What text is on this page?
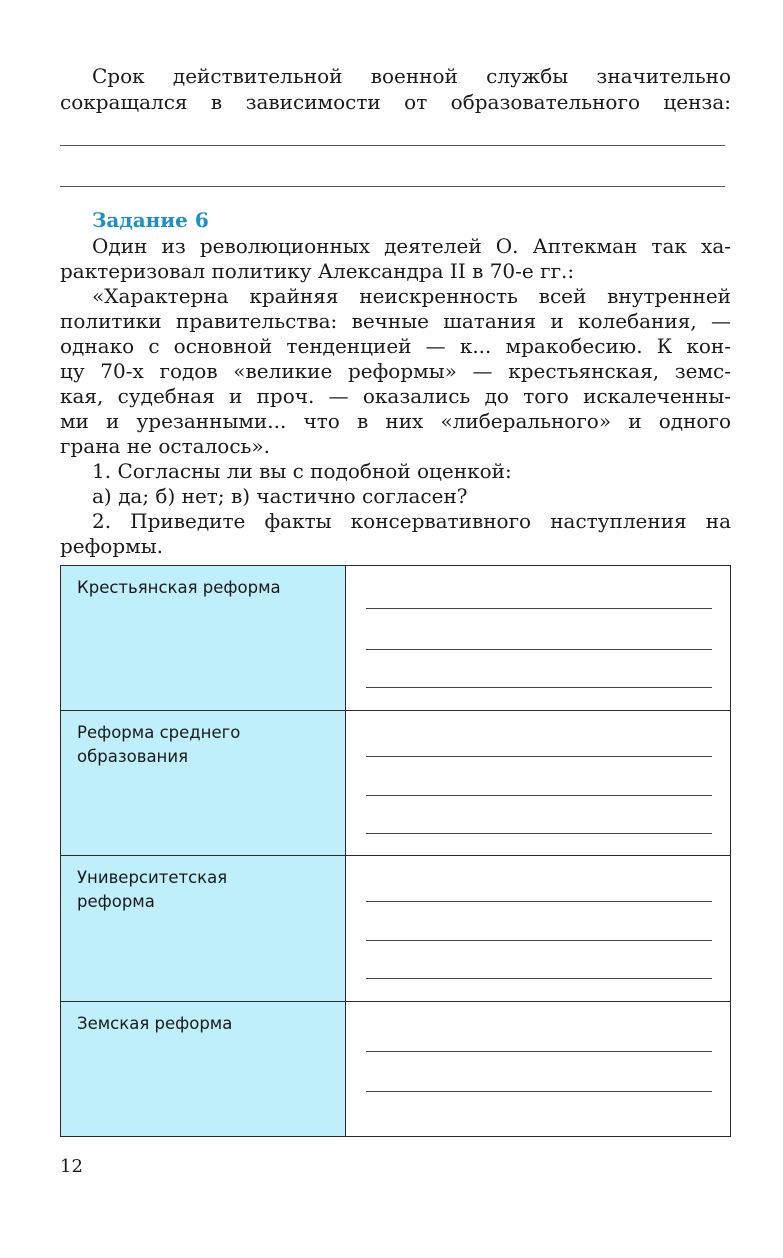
Срок действительной военной службы значительно
сокращался в зависимости от образовательного ценза:
Задание 6
Один из революционных деятелей О. Аптекман так ха-
рактеризовал политику Александра II в 70-е гг.:
«Характерна крайняя неискренность всей внутренней
политики правительства: вечные шатания и колебания, —
однако с основной тенденцией — к... мракобесию. К кон-
цу 70-х годов «великие реформы» — крестьянская, земс-
кая, судебная и проч. — оказались до того искалеченны-
ми и урезанными... что в них «либерального» и одного
грана не осталось».
1. Согласны ли вы с подобной оценкой:
а) да; б) нет; в) частично согласен?
2. Приведите факты консервативного наступления на
реформы.
Крестьянская реформа
Реформа среднего
образования
Университетская
реформа
Земская реформа
12
